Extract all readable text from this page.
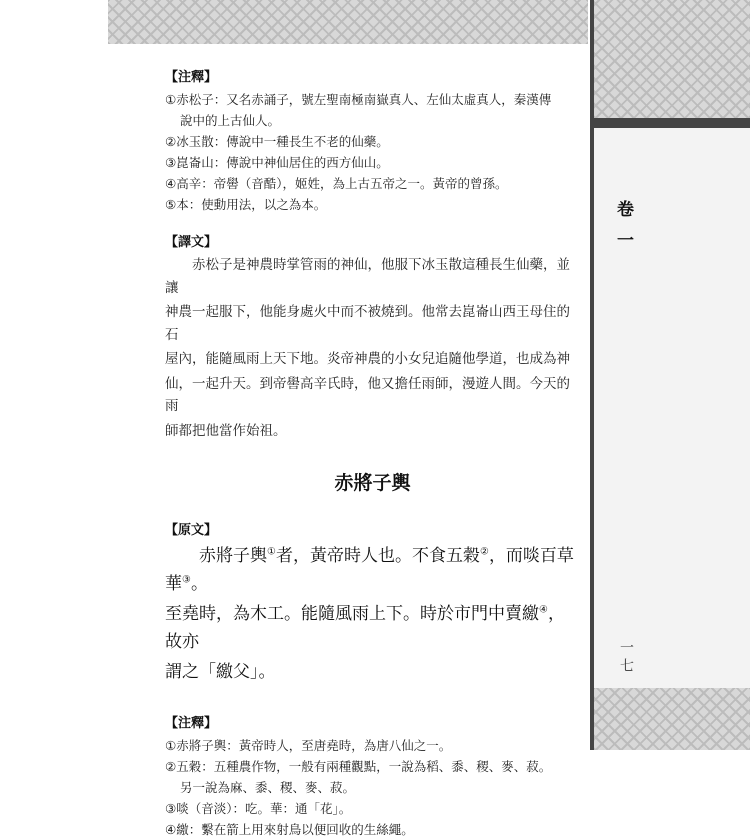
卷一
一七
【注釋】
①赤松子：又名赤誦子，號左聖南極南嶽真人、左仙太虛真人，秦漢傳
說中的上古仙人。
②冰玉散：傳說中一種長生不老的仙藥。
③崑崙山：傳說中神仙居住的西方仙山。
④高辛：帝嚳（音酷），姬姓，為上古五帝之一。黃帝的曾孫。
⑤本：使動用法，以之為本。
【譯文】
赤松子是神農時掌管雨的神仙，他服下冰玉散這種長生仙藥，並讓
神農一起服下，他能身處火中而不被燒到。他常去崑崙山西王母住的石
屋內，能隨風雨上天下地。炎帝神農的小女兒追隨他學道，也成為神
仙，一起升天。到帝嚳高辛氏時，他又擔任雨師，漫遊人間。今天的雨
師都把他當作始祖。
赤將子輿
【原文】
赤將子輿①者，黃帝時人也。不食五穀②，而啖百草華③。
至堯時，為木工。能隨風雨上下。時於市門中賣繳④，故亦
謂之「繳父」。
【注釋】
①赤將子輿：黃帝時人，至唐堯時，為唐八仙之一。
②五穀：五種農作物，一般有兩種觀點，一說為稻、黍、稷、麥、菽。
另一說為麻、黍、稷、麥、菽。
③啖（音淡）：吃。華：通「花」。
④繳：繫在箭上用來射鳥以便回收的生絲繩。
